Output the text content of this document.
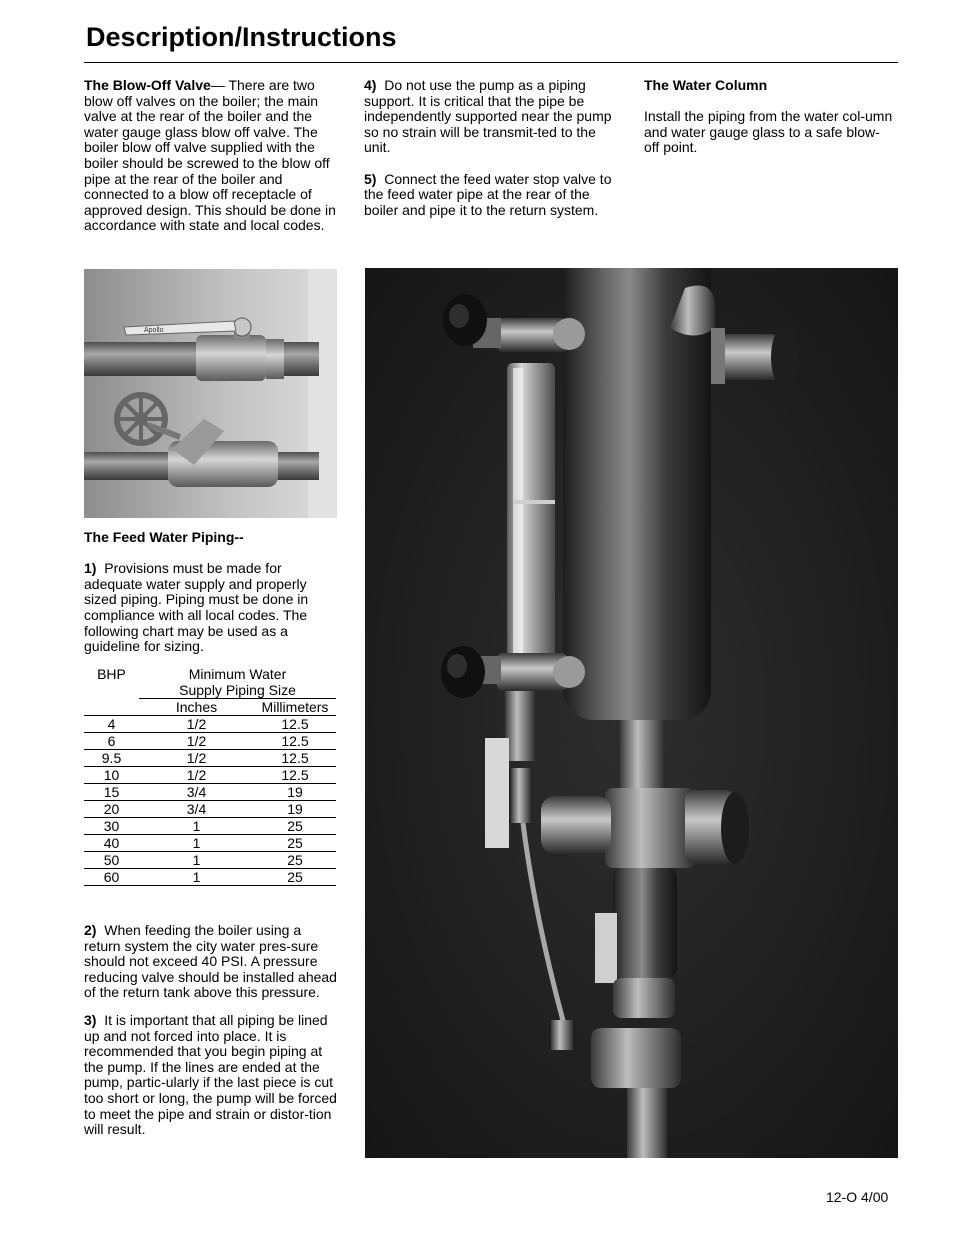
Description/Instructions

The Blow-Off Valve— There are two blow off valves on the boiler; the main valve at the rear of the boiler and the water gauge glass blow off valve. The boiler blow off valve supplied with the boiler should be screwed to the blow off pipe at the rear of the boiler and connected to a blow off receptacle of approved design. This should be done in accordance with state and local codes.

4) Do not use the pump as a piping support. It is critical that the pipe be independently supported near the pump so no strain will be transmit-ted to the unit.

5) Connect the feed water stop valve to the feed water pipe at the rear of the boiler and pipe it to the return system.

The Water Column

Install the piping from the water col-umn and water gauge glass to a safe blow-off point.

Apollo

The Feed Water Piping--

1) Provisions must be made for adequate water supply and properly sized piping. Piping must be done in compliance with all local codes. The following chart may be used as a guideline for sizing.

BHP	Minimum Water	
	Supply Piping Size	
	Inches	Millimeters
4	1/2	12.5
6	1/2	12.5
9.5	1/2	12.5
10	1/2	12.5
15	3/4	19
20	3/4	19
30	1	25
40	1	25
50	1	25
60	1	25

2) When feeding the boiler using a return system the city water pres-sure should not exceed 40 PSI. A pressure reducing valve should be installed ahead of the return tank above this pressure.

3) It is important that all piping be lined up and not forced into place. It is recommended that you begin piping at the pump. If the lines are ended at the pump, partic-ularly if the last piece is cut too short or long, the pump will be forced to meet the pipe and strain or distor-tion will result.

12-O 4/00
